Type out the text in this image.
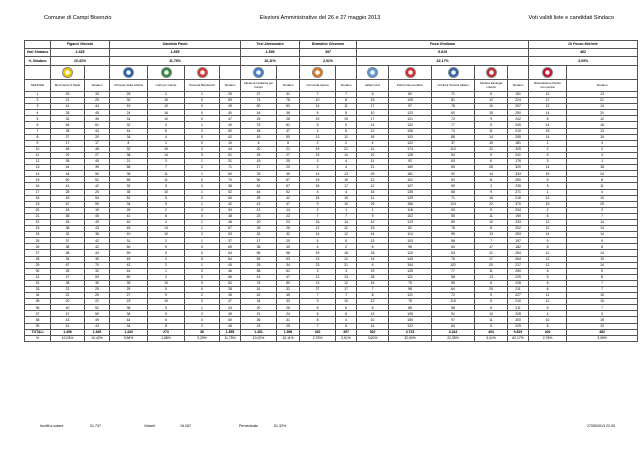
Comune di Campi Bisenzio	Elezioni Amministrative del 26 e 27 maggio 2013	Voti validi liste e candidati Sindaco
	Figacci Niccolò		Gandola Paolo				Tesi Alessandro		Brandino Giovanni		Fossi Emiliano					Di Fonzo Michele	
Voti Sindaco	1.645		1.855				1.596		397		9.819					482	
% Sindaco	10,42%		11,75%				10,11%		2,51%		62,17%					3,05%	

SEZIONE	Movimento 5 Stelle	Sindaco	Il Popolo della Libertà	Uniti per Campi	Toscana Bandecchi	Sindaco	Alleanza Cittadina per Campi	Sindaco	Comunità Aperta	Sindaco	Italiani Voci	Partito Democratico	Cristiani Toscani Italiani	Sinistra Ecologia Libertà	Sindaco	Rifondazione Partito Comunista	Sindaco
1	29	33	25	2	1	25	27	31	7	7	6	60	71	5	151	12	13
2	21	25	30	15	0	59	74	78	10	8	15	105	81	12	224	17	21
3	41	44	15	10	0	49	50	53	14	11	17	97	78	10	207	12	14
4	28	45	24	16	0	40	44	36	5	8	10	123	60	15	250	14	20
5	32	35	31	10	0	47	25	28	19	19	17	121	72	9	242	6	12
6	54	61	32	3	1	40	76	61	5	5	14	132	77	9	249	14	18
7	28	44	44	6	2	50	45	47	4	5	12	106	74	11	210	15	13
8	27	20	34	4	0	42	45	50	13	12	18	103	88	14	255	14	15
9	17	17	8	1	0	10	6	8	2	2	4	122	37	10	181	1	4
10	45	48	32	10	2	44	20	21	19	21	11	174	112	12	325	2	2
11	29	27	38	14	3	61	25	27	19	14	10	128	54	9	241	5	4
12	35	40	21	3	1	31	15	25	3	4	11	92	63	6	176	3	1
13	44	39	58	7	2	71	17	20	2	4	21	160	65	26	320	14	18
14	44	50	38	11	1	60	33	35	14	13	29	181	92	14	333	15	24
15	50	52	55	11	0	70	50	57	19	19	12	101	52	11	250	5	8
16	41	42	32	5	0	38	52	57	18	17	12	107	59	3	235	9	11
17	28	25	35	10	1	52	44	52	4	4	15	135	68	9	271	1	4
18	49	54	52	5	0	60	39	42	15	15	11	129	71	16	218	12	10
19	67	59	34	5	1	42	42	47	9	10	29	156	124	22	370	19	29
20	18	19	25	2	4	34	12	14	2	1	1	118	53	9	234	2	2
21	38	45	41	6	0	48	23	22	7	7	9	102	55	11	190	6	7
22	45	49	40	4	1	48	20	23	16	14	12	123	69	10	233	12	14
23	38	43	45	14	1	57	26	26	12	12	15	82	78	8	202	12	14
24	32	38	40	10	2	53	32	32	14	12	14	114	95	13	253	14	14
25	37	42	31	2	1	37	17	20	5	5	13	103	56	7	197	9	9
26	38	42	50	9	0	69	38	40	4	2	6	95	54	17	182	8	8
27	38	44	59	5	0	64	56	58	19	18	18	120	63	21	254	11	14
28	34	35	49	2	5	54	59	53	13	12	14	140	76	17	264	12	10
29	67	70	42	2	1	45	29	34	23	21	6	154	102	20	217	12	14
30	26	32	44	1	0	46	58	61	3	3	19	125	77	11	250	5	5
31	47	53	60	2	0	66	42	47	12	13	28	121	58	13	229	5	8
32	38	39	35	10	0	52	76	80	13	12	16	75	95	8	228	6	7
33	22	25	25	5	0	28	31	32	27	17	7	98	64	20	211	6	7
34	22	25	27	9	2	35	42	45	7	7	8	121	72	9	227	11	15
35	20	22	23	10	0	47	34	33	9	10	12	78	110	5	210	11	15
36	40	52	38	5	1	43	20	25	8	6	6	85	58	6	211	5	7
37	47	50	36	9	2	49	21	24	6	8	13	105	91	10	228	4	3
38	43	49	44	6	0	50	36	31	8	4	10	150	97	11	300	10	15
39	41	43	34	8	2	45	23	29	7	6	14	122	84	9	225	8	10
TOTALI	1.496	1.645	1.443	273	36	1.855	1.451	1.596	402	397	522	4.723	3.244	494	9.819	402	482
%	10,03%	10,42%	9,96%	1,88%	0,25%	11,75%	10,02%	10,11%	2,78%	2,51%	3,60%	32,60%	22,39%	3,41%	62,17%	2,78%	3,05%
Iscritti a votare	31.737	Votanti	16.287	Percentuale	51,32%	27/05/2013 22.05
